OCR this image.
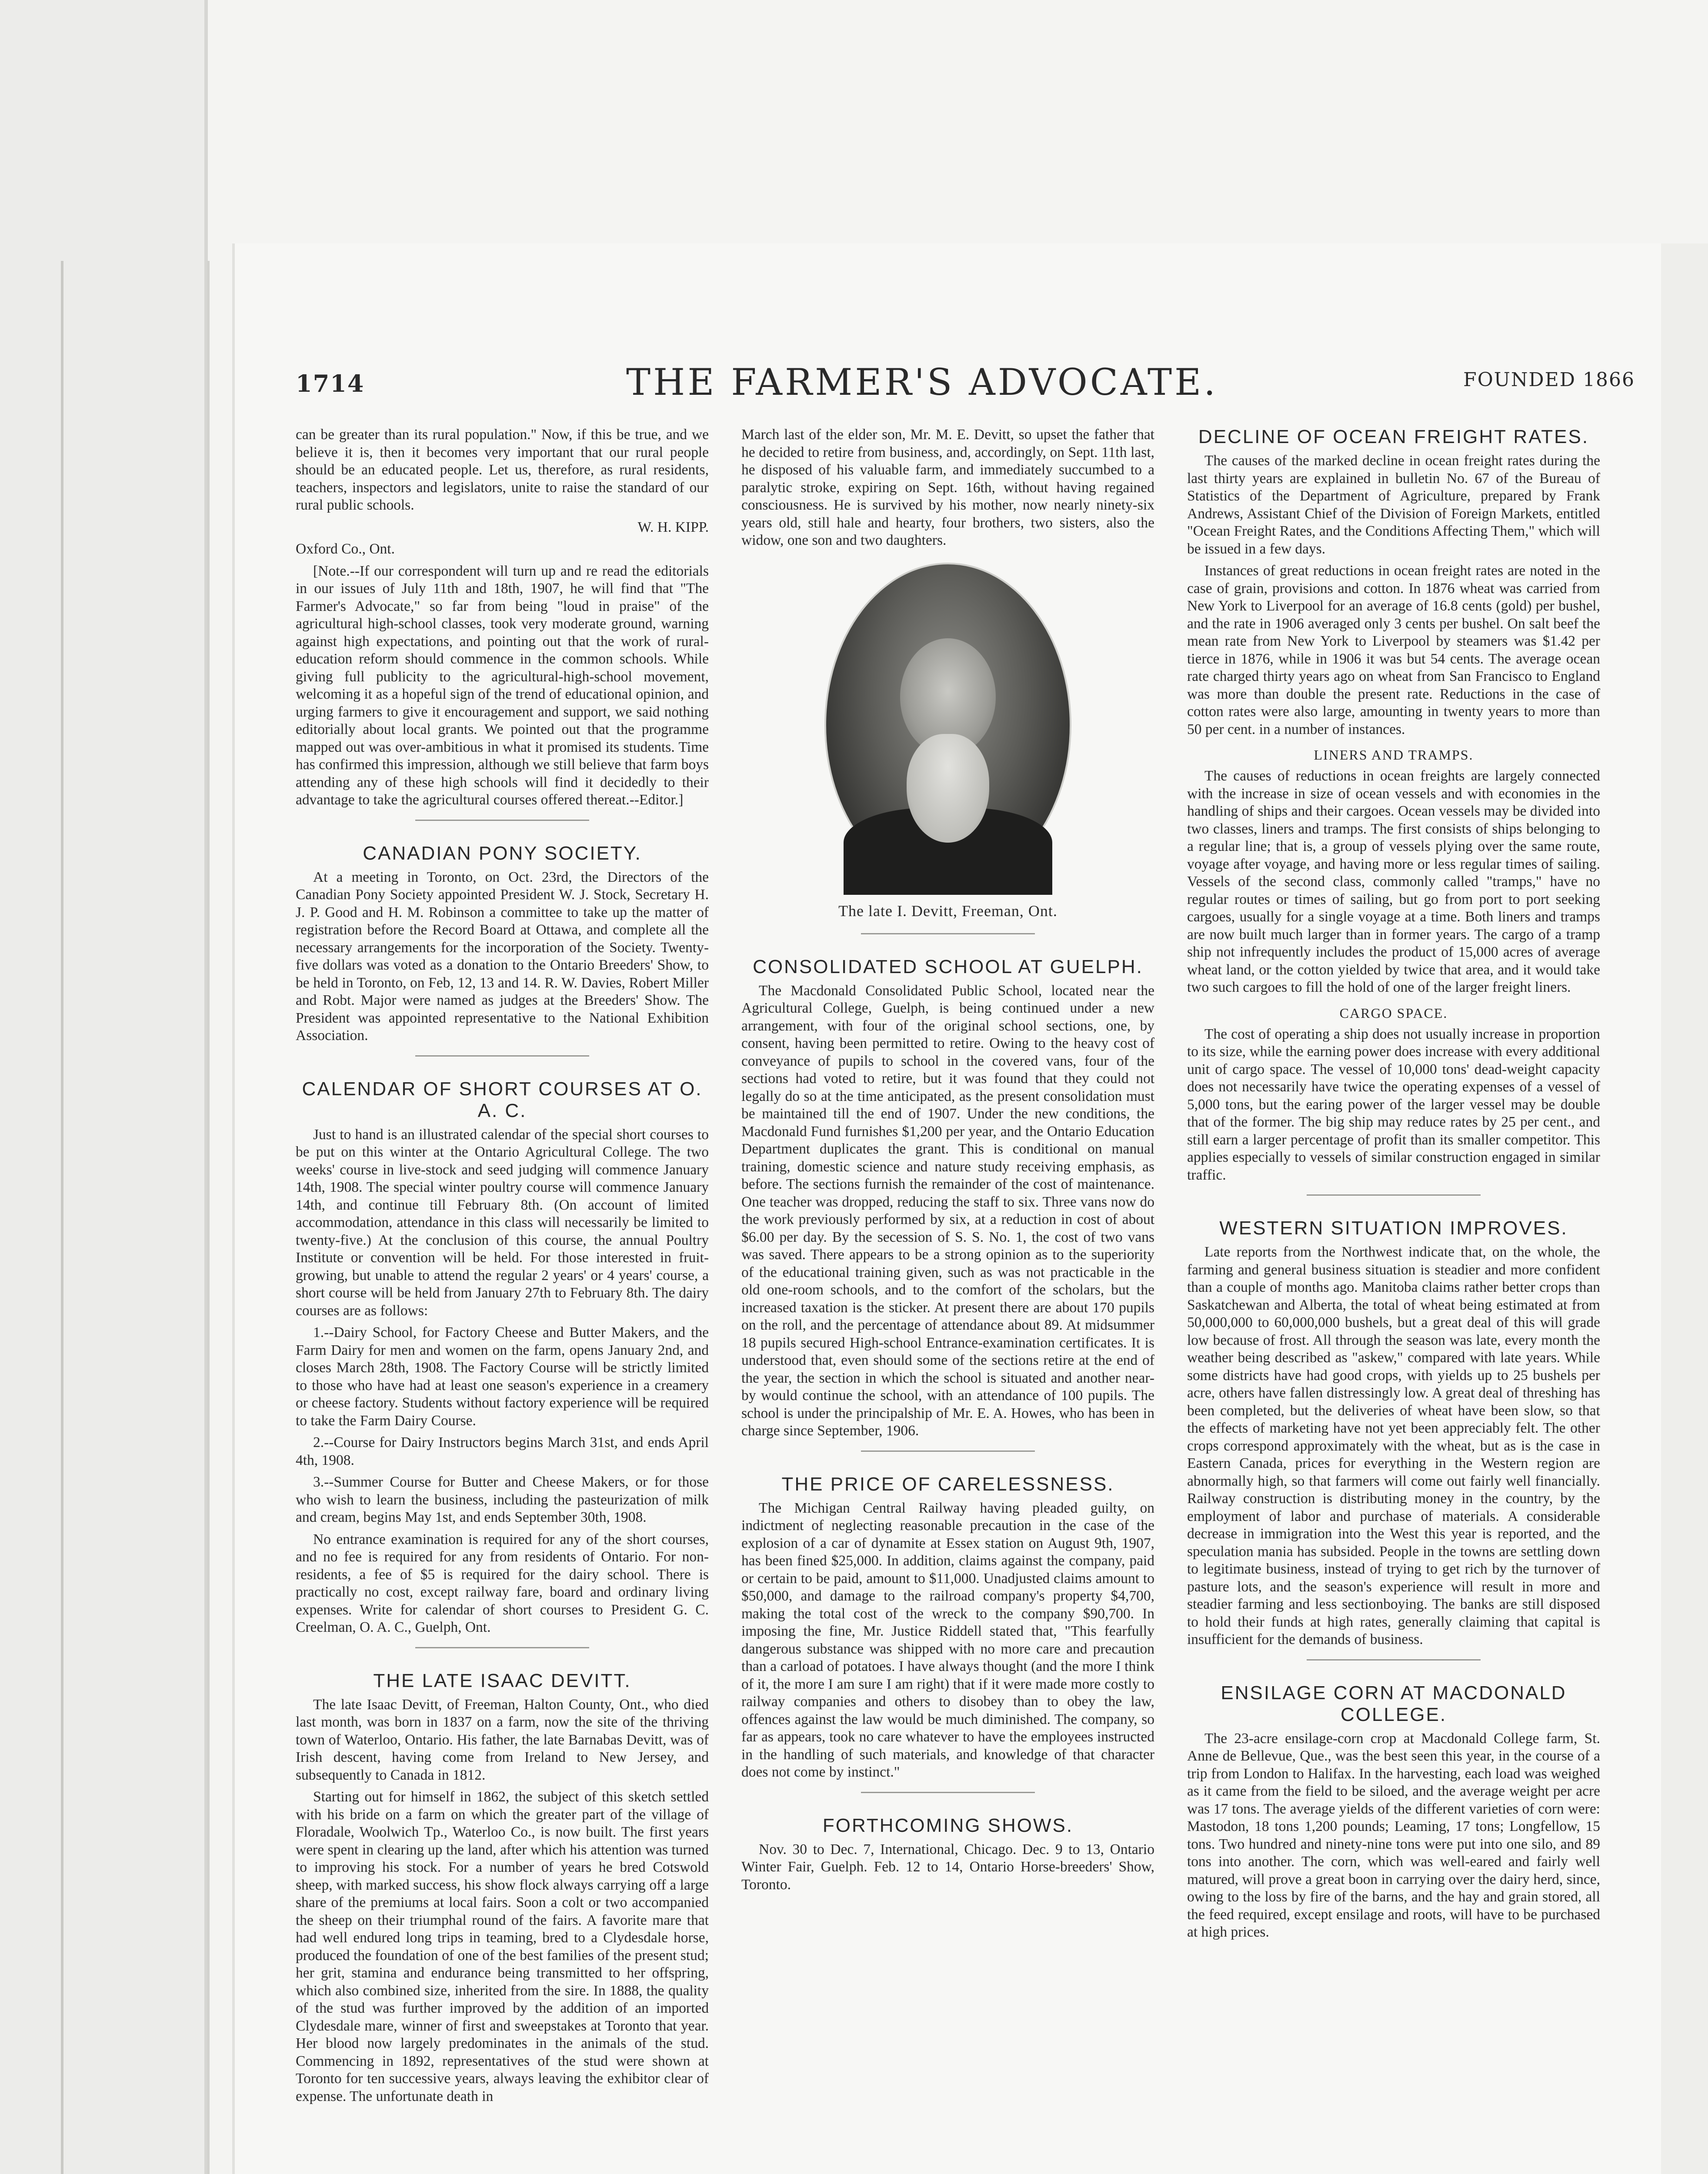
1714	THE FARMER'S ADVOCATE.	FOUNDED 1866

can be greater than its rural population." Now, if this be true, and we believe it is, then it becomes very important that our rural people should be an educated people. Let us, therefore, as rural residents, teachers, inspectors and legislators, unite to raise the standard of our rural public schools.

W. H. KIPP.

Oxford Co., Ont.

[Note.--If our correspondent will turn up and re read the editorials in our issues of July 11th and 18th, 1907, he will find that "The Farmer's Advocate," so far from being "loud in praise" of the agricultural high-school classes, took very moderate ground, warning against high expectations, and pointing out that the work of rural-education reform should commence in the common schools. While giving full publicity to the agricultural-high-school movement, welcoming it as a hopeful sign of the trend of educational opinion, and urging farmers to give it encouragement and support, we said nothing editorially about local grants. We pointed out that the programme mapped out was over-ambitious in what it promised its students. Time has confirmed this impression, although we still believe that farm boys attending any of these high schools will find it decidedly to their advantage to take the agricultural courses offered thereat.--Editor.]

CANADIAN PONY SOCIETY.

At a meeting in Toronto, on Oct. 23rd, the Directors of the Canadian Pony Society appointed President W. J. Stock, Secretary H. J. P. Good and H. M. Robinson a committee to take up the matter of registration before the Record Board at Ottawa, and complete all the necessary arrangements for the incorporation of the Society. Twenty-five dollars was voted as a donation to the Ontario Breeders' Show, to be held in Toronto, on Feb, 12, 13 and 14. R. W. Davies, Robert Miller and Robt. Major were named as judges at the Breeders' Show. The President was appointed representative to the National Exhibition Association.

CALENDAR OF SHORT COURSES AT O. A. C.

Just to hand is an illustrated calendar of the special short courses to be put on this winter at the Ontario Agricultural College. The two weeks' course in live-stock and seed judging will commence January 14th, 1908. The special winter poultry course will commence January 14th, and continue till February 8th. (On account of limited accommodation, attendance in this class will necessarily be limited to twenty-five.) At the conclusion of this course, the annual Poultry Institute or convention will be held. For those interested in fruit-growing, but unable to attend the regular 2 years' or 4 years' course, a short course will be held from January 27th to February 8th. The dairy courses are as follows:

1.--Dairy School, for Factory Cheese and Butter Makers, and the Farm Dairy for men and women on the farm, opens January 2nd, and closes March 28th, 1908. The Factory Course will be strictly limited to those who have had at least one season's experience in a creamery or cheese factory. Students without factory experience will be required to take the Farm Dairy Course.

2.--Course for Dairy Instructors begins March 31st, and ends April 4th, 1908.

3.--Summer Course for Butter and Cheese Makers, or for those who wish to learn the business, including the pasteurization of milk and cream, begins May 1st, and ends September 30th, 1908.

No entrance examination is required for any of the short courses, and no fee is required for any from residents of Ontario. For non-residents, a fee of $5 is required for the dairy school. There is practically no cost, except railway fare, board and ordinary living expenses. Write for calendar of short courses to President G. C. Creelman, O. A. C., Guelph, Ont.

THE LATE ISAAC DEVITT.

The late Isaac Devitt, of Freeman, Halton County, Ont., who died last month, was born in 1837 on a farm, now the site of the thriving town of Waterloo, Ontario. His father, the late Barnabas Devitt, was of Irish descent, having come from Ireland to New Jersey, and subsequently to Canada in 1812.

Starting out for himself in 1862, the subject of this sketch settled with his bride on a farm on which the greater part of the village of Floradale, Woolwich Tp., Waterloo Co., is now built. The first years were spent in clearing up the land, after which his attention was turned to improving his stock. For a number of years he bred Cotswold sheep, with marked success, his show flock always carrying off a large share of the premiums at local fairs. Soon a colt or two accompanied the sheep on their triumphal round of the fairs. A favorite mare that had well endured long trips in teaming, bred to a Clydesdale horse, produced the foundation of one of the best families of the present stud; her grit, stamina and endurance being transmitted to her offspring, which also combined size, inherited from the sire. In 1888, the quality of the stud was further improved by the addition of an imported Clydesdale mare, winner of first and sweepstakes at Toronto that year. Her blood now largely predominates in the animals of the stud. Commencing in 1892, representatives of the stud were shown at Toronto for ten successive years, always leaving the exhibitor clear of expense. The unfortunate death in

March last of the elder son, Mr. M. E. Devitt, so upset the father that he decided to retire from business, and, accordingly, on Sept. 11th last, he disposed of his valuable farm, and immediately succumbed to a paralytic stroke, expiring on Sept. 16th, without having regained consciousness. He is survived by his mother, now nearly ninety-six years old, still hale and hearty, four brothers, two sisters, also the widow, one son and two daughters.

The late I. Devitt, Freeman, Ont.
CONSOLIDATED SCHOOL AT GUELPH.

The Macdonald Consolidated Public School, located near the Agricultural College, Guelph, is being continued under a new arrangement, with four of the original school sections, one, by consent, having been permitted to retire. Owing to the heavy cost of conveyance of pupils to school in the covered vans, four of the sections had voted to retire, but it was found that they could not legally do so at the time anticipated, as the present consolidation must be maintained till the end of 1907. Under the new conditions, the Macdonald Fund furnishes $1,200 per year, and the Ontario Education Department duplicates the grant. This is conditional on manual training, domestic science and nature study receiving emphasis, as before. The sections furnish the remainder of the cost of maintenance. One teacher was dropped, reducing the staff to six. Three vans now do the work previously performed by six, at a reduction in cost of about $6.00 per day. By the secession of S. S. No. 1, the cost of two vans was saved. There appears to be a strong opinion as to the superiority of the educational training given, such as was not practicable in the old one-room schools, and to the comfort of the scholars, but the increased taxation is the sticker. At present there are about 170 pupils on the roll, and the percentage of attendance about 89. At midsummer 18 pupils secured High-school Entrance-examination certificates. It is understood that, even should some of the sections retire at the end of the year, the section in which the school is situated and another near-by would continue the school, with an attendance of 100 pupils. The school is under the principalship of Mr. E. A. Howes, who has been in charge since September, 1906.

THE PRICE OF CARELESSNESS.

The Michigan Central Railway having pleaded guilty, on indictment of neglecting reasonable precaution in the case of the explosion of a car of dynamite at Essex station on August 9th, 1907, has been fined $25,000. In addition, claims against the company, paid or certain to be paid, amount to $11,000. Unadjusted claims amount to $50,000, and damage to the railroad company's property $4,700, making the total cost of the wreck to the company $90,700. In imposing the fine, Mr. Justice Riddell stated that, "This fearfully dangerous substance was shipped with no more care and precaution than a carload of potatoes. I have always thought (and the more I think of it, the more I am sure I am right) that if it were made more costly to railway companies and others to disobey than to obey the law, offences against the law would be much diminished. The company, so far as appears, took no care whatever to have the employees instructed in the handling of such materials, and knowledge of that character does not come by instinct."

FORTHCOMING SHOWS.

Nov. 30 to Dec. 7, International, Chicago. Dec. 9 to 13, Ontario Winter Fair, Guelph. Feb. 12 to 14, Ontario Horse-breeders' Show, Toronto.

DECLINE OF OCEAN FREIGHT RATES.

The causes of the marked decline in ocean freight rates during the last thirty years are explained in bulletin No. 67 of the Bureau of Statistics of the Department of Agriculture, prepared by Frank Andrews, Assistant Chief of the Division of Foreign Markets, entitled "Ocean Freight Rates, and the Conditions Affecting Them," which will be issued in a few days.

Instances of great reductions in ocean freight rates are noted in the case of grain, provisions and cotton. In 1876 wheat was carried from New York to Liverpool for an average of 16.8 cents (gold) per bushel, and the rate in 1906 averaged only 3 cents per bushel. On salt beef the mean rate from New York to Liverpool by steamers was $1.42 per tierce in 1876, while in 1906 it was but 54 cents. The average ocean rate charged thirty years ago on wheat from San Francisco to England was more than double the present rate. Reductions in the case of cotton rates were also large, amounting in twenty years to more than 50 per cent. in a number of instances.

LINERS AND TRAMPS.

The causes of reductions in ocean freights are largely connected with the increase in size of ocean vessels and with economies in the handling of ships and their cargoes. Ocean vessels may be divided into two classes, liners and tramps. The first consists of ships belonging to a regular line; that is, a group of vessels plying over the same route, voyage after voyage, and having more or less regular times of sailing. Vessels of the second class, commonly called "tramps," have no regular routes or times of sailing, but go from port to port seeking cargoes, usually for a single voyage at a time. Both liners and tramps are now built much larger than in former years. The cargo of a tramp ship not infrequently includes the product of 15,000 acres of average wheat land, or the cotton yielded by twice that area, and it would take two such cargoes to fill the hold of one of the larger freight liners.

CARGO SPACE.

The cost of operating a ship does not usually increase in proportion to its size, while the earning power does increase with every additional unit of cargo space. The vessel of 10,000 tons' dead-weight capacity does not necessarily have twice the operating expenses of a vessel of 5,000 tons, but the earing power of the larger vessel may be double that of the former. The big ship may reduce rates by 25 per cent., and still earn a larger percentage of profit than its smaller competitor. This applies especially to vessels of similar construction engaged in similar traffic.

WESTERN SITUATION IMPROVES.

Late reports from the Northwest indicate that, on the whole, the farming and general business situation is steadier and more confident than a couple of months ago. Manitoba claims rather better crops than Saskatchewan and Alberta, the total of wheat being estimated at from 50,000,000 to 60,000,000 bushels, but a great deal of this will grade low because of frost. All through the season was late, every month the weather being described as "askew," compared with late years. While some districts have had good crops, with yields up to 25 bushels per acre, others have fallen distressingly low. A great deal of threshing has been completed, but the deliveries of wheat have been slow, so that the effects of marketing have not yet been appreciably felt. The other crops correspond approximately with the wheat, but as is the case in Eastern Canada, prices for everything in the Western region are abnormally high, so that farmers will come out fairly well financially. Railway construction is distributing money in the country, by the employment of labor and purchase of materials. A considerable decrease in immigration into the West this year is reported, and the speculation mania has subsided. People in the towns are settling down to legitimate business, instead of trying to get rich by the turnover of pasture lots, and the season's experience will result in more and steadier farming and less sectionboying. The banks are still disposed to hold their funds at high rates, generally claiming that capital is insufficient for the demands of business.

ENSILAGE CORN AT MACDONALD COLLEGE.

The 23-acre ensilage-corn crop at Macdonald College farm, St. Anne de Bellevue, Que., was the best seen this year, in the course of a trip from London to Halifax. In the harvesting, each load was weighed as it came from the field to be siloed, and the average weight per acre was 17 tons. The average yields of the different varieties of corn were: Mastodon, 18 tons 1,200 pounds; Leaming, 17 tons; Longfellow, 15 tons. Two hundred and ninety-nine tons were put into one silo, and 89 tons into another. The corn, which was well-eared and fairly well matured, will prove a great boon in carrying over the dairy herd, since, owing to the loss by fire of the barns, and the hay and grain stored, all the feed required, except ensilage and roots, will have to be purchased at high prices.
